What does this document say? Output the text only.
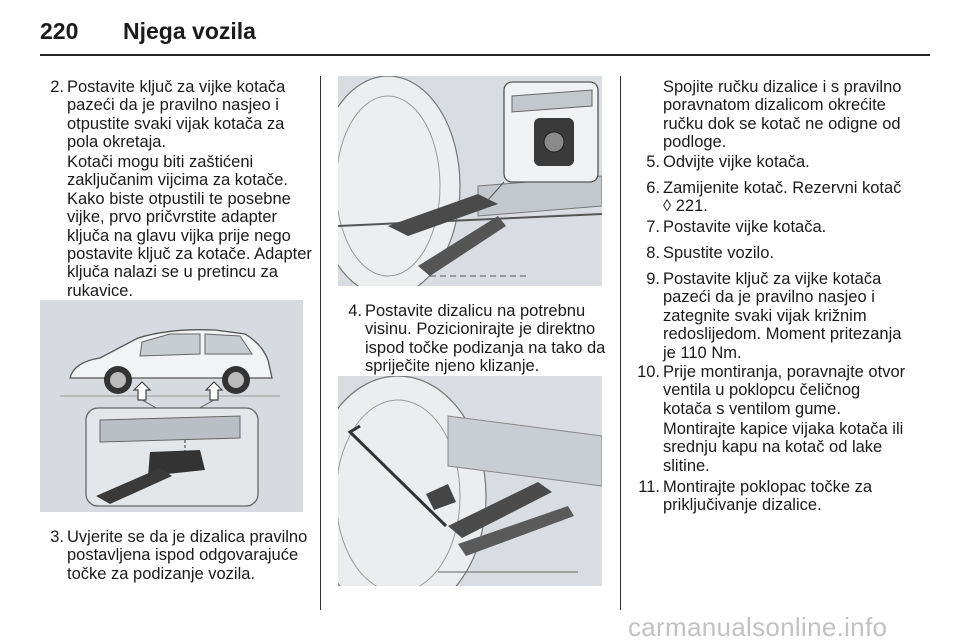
220 Njega vozila
2. Postavite ključ za vijke kotača
pazeći da je pravilno nasjeo i
otpustite svaki vijak kotača za
pola okretaja.
Kotači mogu biti zaštićeni
zaključanim vijcima za kotače.
Kako biste otpustili te posebne
vijke, prvo pričvrstite adapter
ključa na glavu vijka prije nego
postavite ključ za kotače. Adapter
ključa nalazi se u pretincu za
rukavice.
3. Uvjerite se da je dizalica pravilno
postavljena ispod odgovarajuće
točke za podizanje vozila.
4. Postavite dizalicu na potrebnu
visinu. Pozicionirajte je direktno
ispod točke podizanja na tako da
spriječite njeno klizanje.
Spojite ručku dizalice i s pravilno
poravnatom dizalicom okrećite
ručku dok se kotač ne odigne od
podloge.
5. Odvijte vijke kotača.
6. Zamijenite kotač. Rezervni kotač
◊ 221.
7. Postavite vijke kotača.
8. Spustite vozilo.
9. Postavite ključ za vijke kotača
pazeći da je pravilno nasjeo i
zategnite svaki vijak križnim
redoslijedom. Moment pritezanja
je 110 Nm.
10. Prije montiranja, poravnajte otvor
ventila u poklopcu čeličnog
kotača s ventilom gume.
Montirajte kapice vijaka kotača ili
srednju kapu na kotač od lake
slitine.
11. Montirajte poklopac točke za
priključivanje dizalice.
carmanualsonline.info
